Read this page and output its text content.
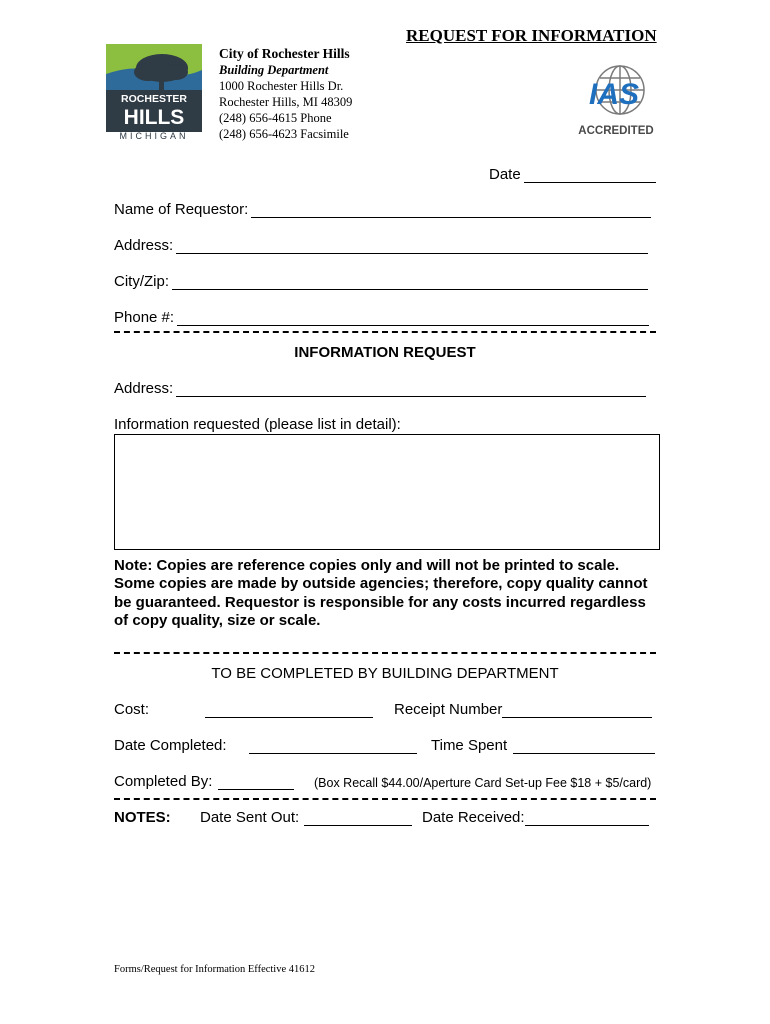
REQUEST FOR INFORMATION
ROCHESTER
HILLS
MICHIGAN
City of Rochester Hills
Building Department
1000 Rochester Hills Dr.
Rochester Hills, MI 48309
(248) 656-4615 Phone
(248) 656-4623 Facsimile
IAS
ACCREDITED
Date
Name of Requestor:
Address:
City/Zip:
Phone #:
INFORMATION REQUEST
Address:
Information requested (please list in detail):
Note: Copies are reference copies only and will not be printed to scale. Some copies are made by outside agencies; therefore, copy quality cannot be guaranteed. Requestor is responsible for any costs incurred regardless of copy quality, size or scale.
TO BE COMPLETED BY BUILDING DEPARTMENT
Cost:	Receipt Number
Date Completed:	Time Spent
Completed By:	(Box Recall $44.00/Aperture Card Set-up Fee $18 + $5/card)
NOTES: Date Sent Out:	Date Received:
Forms/Request for Information Effective 41612
